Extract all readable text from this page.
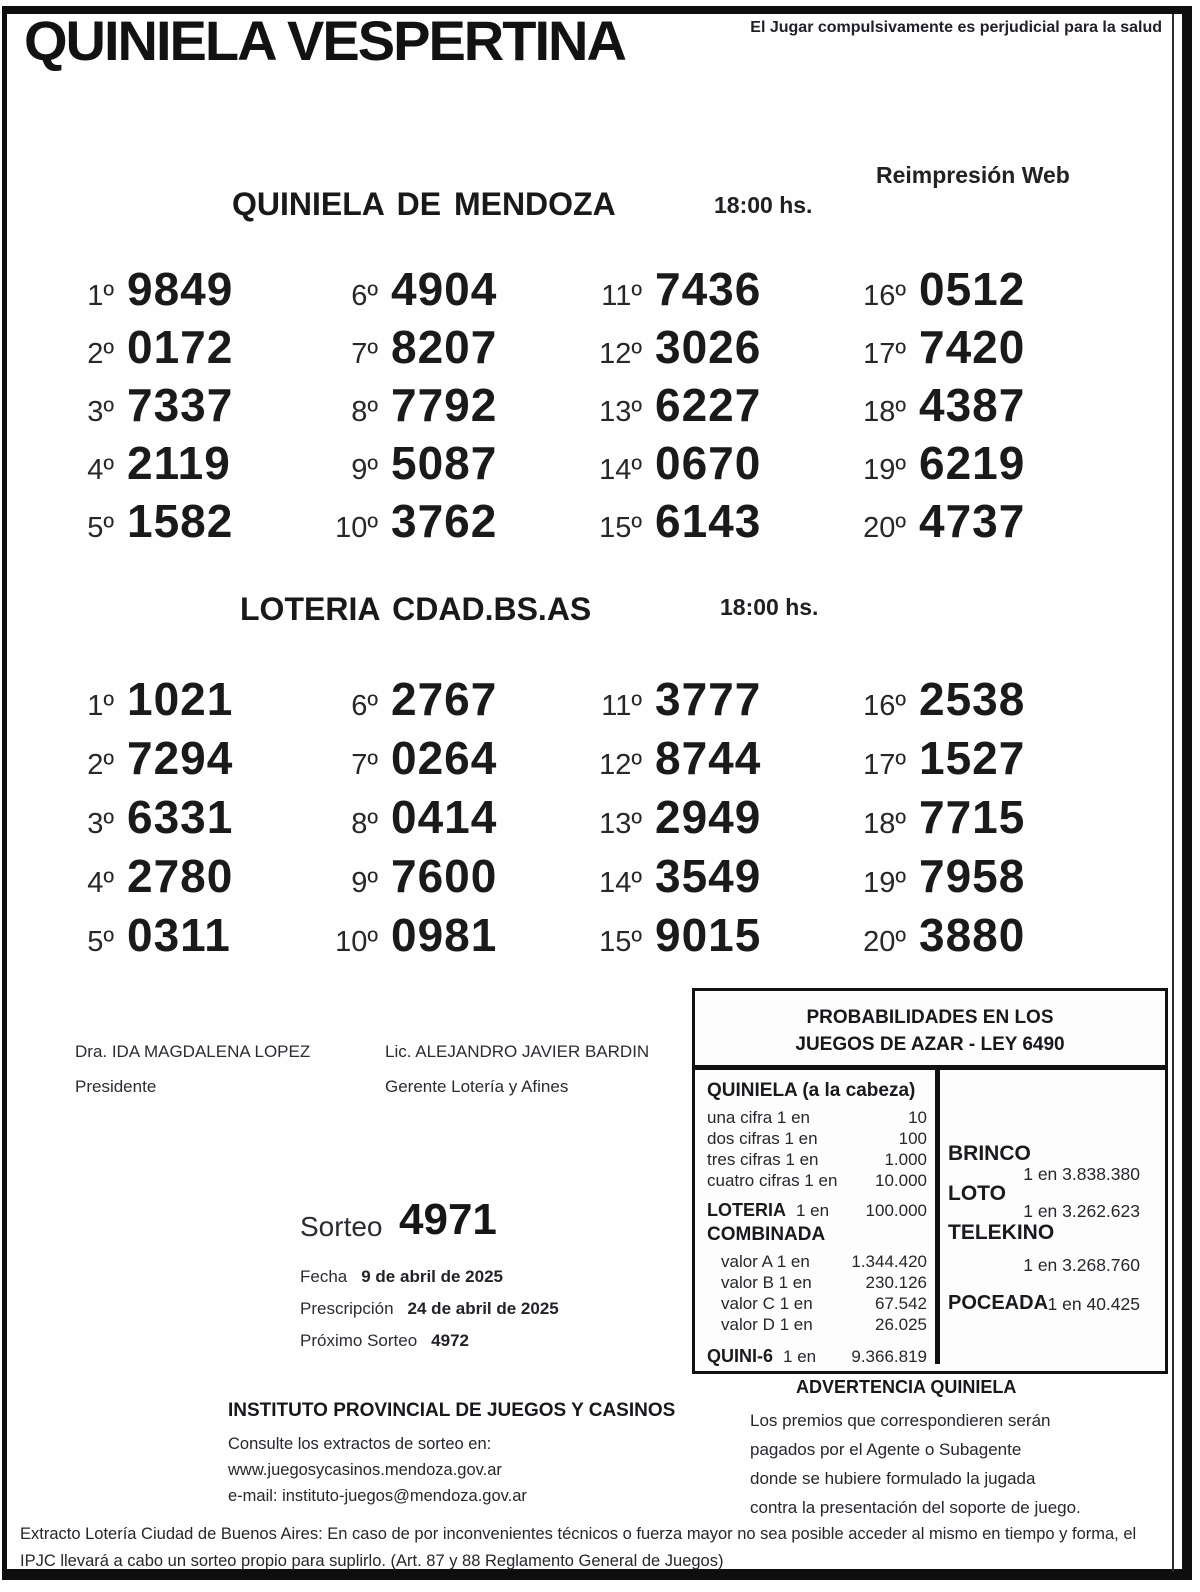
QUINIELA VESPERTINA	El Jugar compulsivamente es perjudicial para la salud
Reimpresión Web
QUINIELA DE MENDOZA	18:00 hs.
1º 9849
2º 0172
3º 7337
4º 2119
5º 1582
6º 4904
7º 8207
8º 7792
9º 5087
10º 3762
11º 7436
12º 3026
13º 6227
14º 0670
15º 6143
16º 0512
17º 7420
18º 4387
19º 6219
20º 4737
LOTERIA CDAD.BS.AS	18:00 hs.
1º 1021
2º 7294
3º 6331
4º 2780
5º 0311
6º 2767
7º 0264
8º 0414
9º 7600
10º 0981
11º 3777
12º 8744
13º 2949
14º 3549
15º 9015
16º 2538
17º 1527
18º 7715
19º 7958
20º 3880
Dra. IDA MAGDALENA LOPEZ
Presidente
Lic. ALEJANDRO JAVIER BARDIN
Gerente Lotería y Afines
PROBABILIDADES EN LOS
JUEGOS DE AZAR - LEY 6490
QUINIELA (a la cabeza)
una cifra 1 en	10
dos cifras 1 en	100
tres cifras 1 en	1.000
cuatro cifras 1 en 10.000
LOTERIA 1 en 100.000
COMBINADA
valor A 1 en 1.344.420
valor B 1 en	230.126
valor C 1 en	67.542
valor D 1 en	26.025
QUINI-6 1 en 9.366.819
BRINCO
1 en 3.838.380
LOTO
1 en 3.262.623
TELEKINO
1 en 3.268.760
POCEADA 1 en 40.425
Sorteo 4971
Fecha 9 de abril de 2025
Prescripción 24 de abril de 2025
Próximo Sorteo 4972
ADVERTENCIA QUINIELA
Los premios que correspondieren serán
pagados por el Agente o Subagente
donde se hubiere formulado la jugada
contra la presentación del soporte de juego.
INSTITUTO PROVINCIAL DE JUEGOS Y CASINOS
Consulte los extractos de sorteo en:
www.juegosycasinos.mendoza.gov.ar
e-mail: instituto-juegos@mendoza.gov.ar
Extracto Lotería Ciudad de Buenos Aires: En caso de por inconvenientes técnicos o fuerza mayor no sea posible acceder al mismo en tiempo y forma, el IPJC llevará a cabo un sorteo propio para suplirlo. (Art. 87 y 88 Reglamento General de Juegos)
